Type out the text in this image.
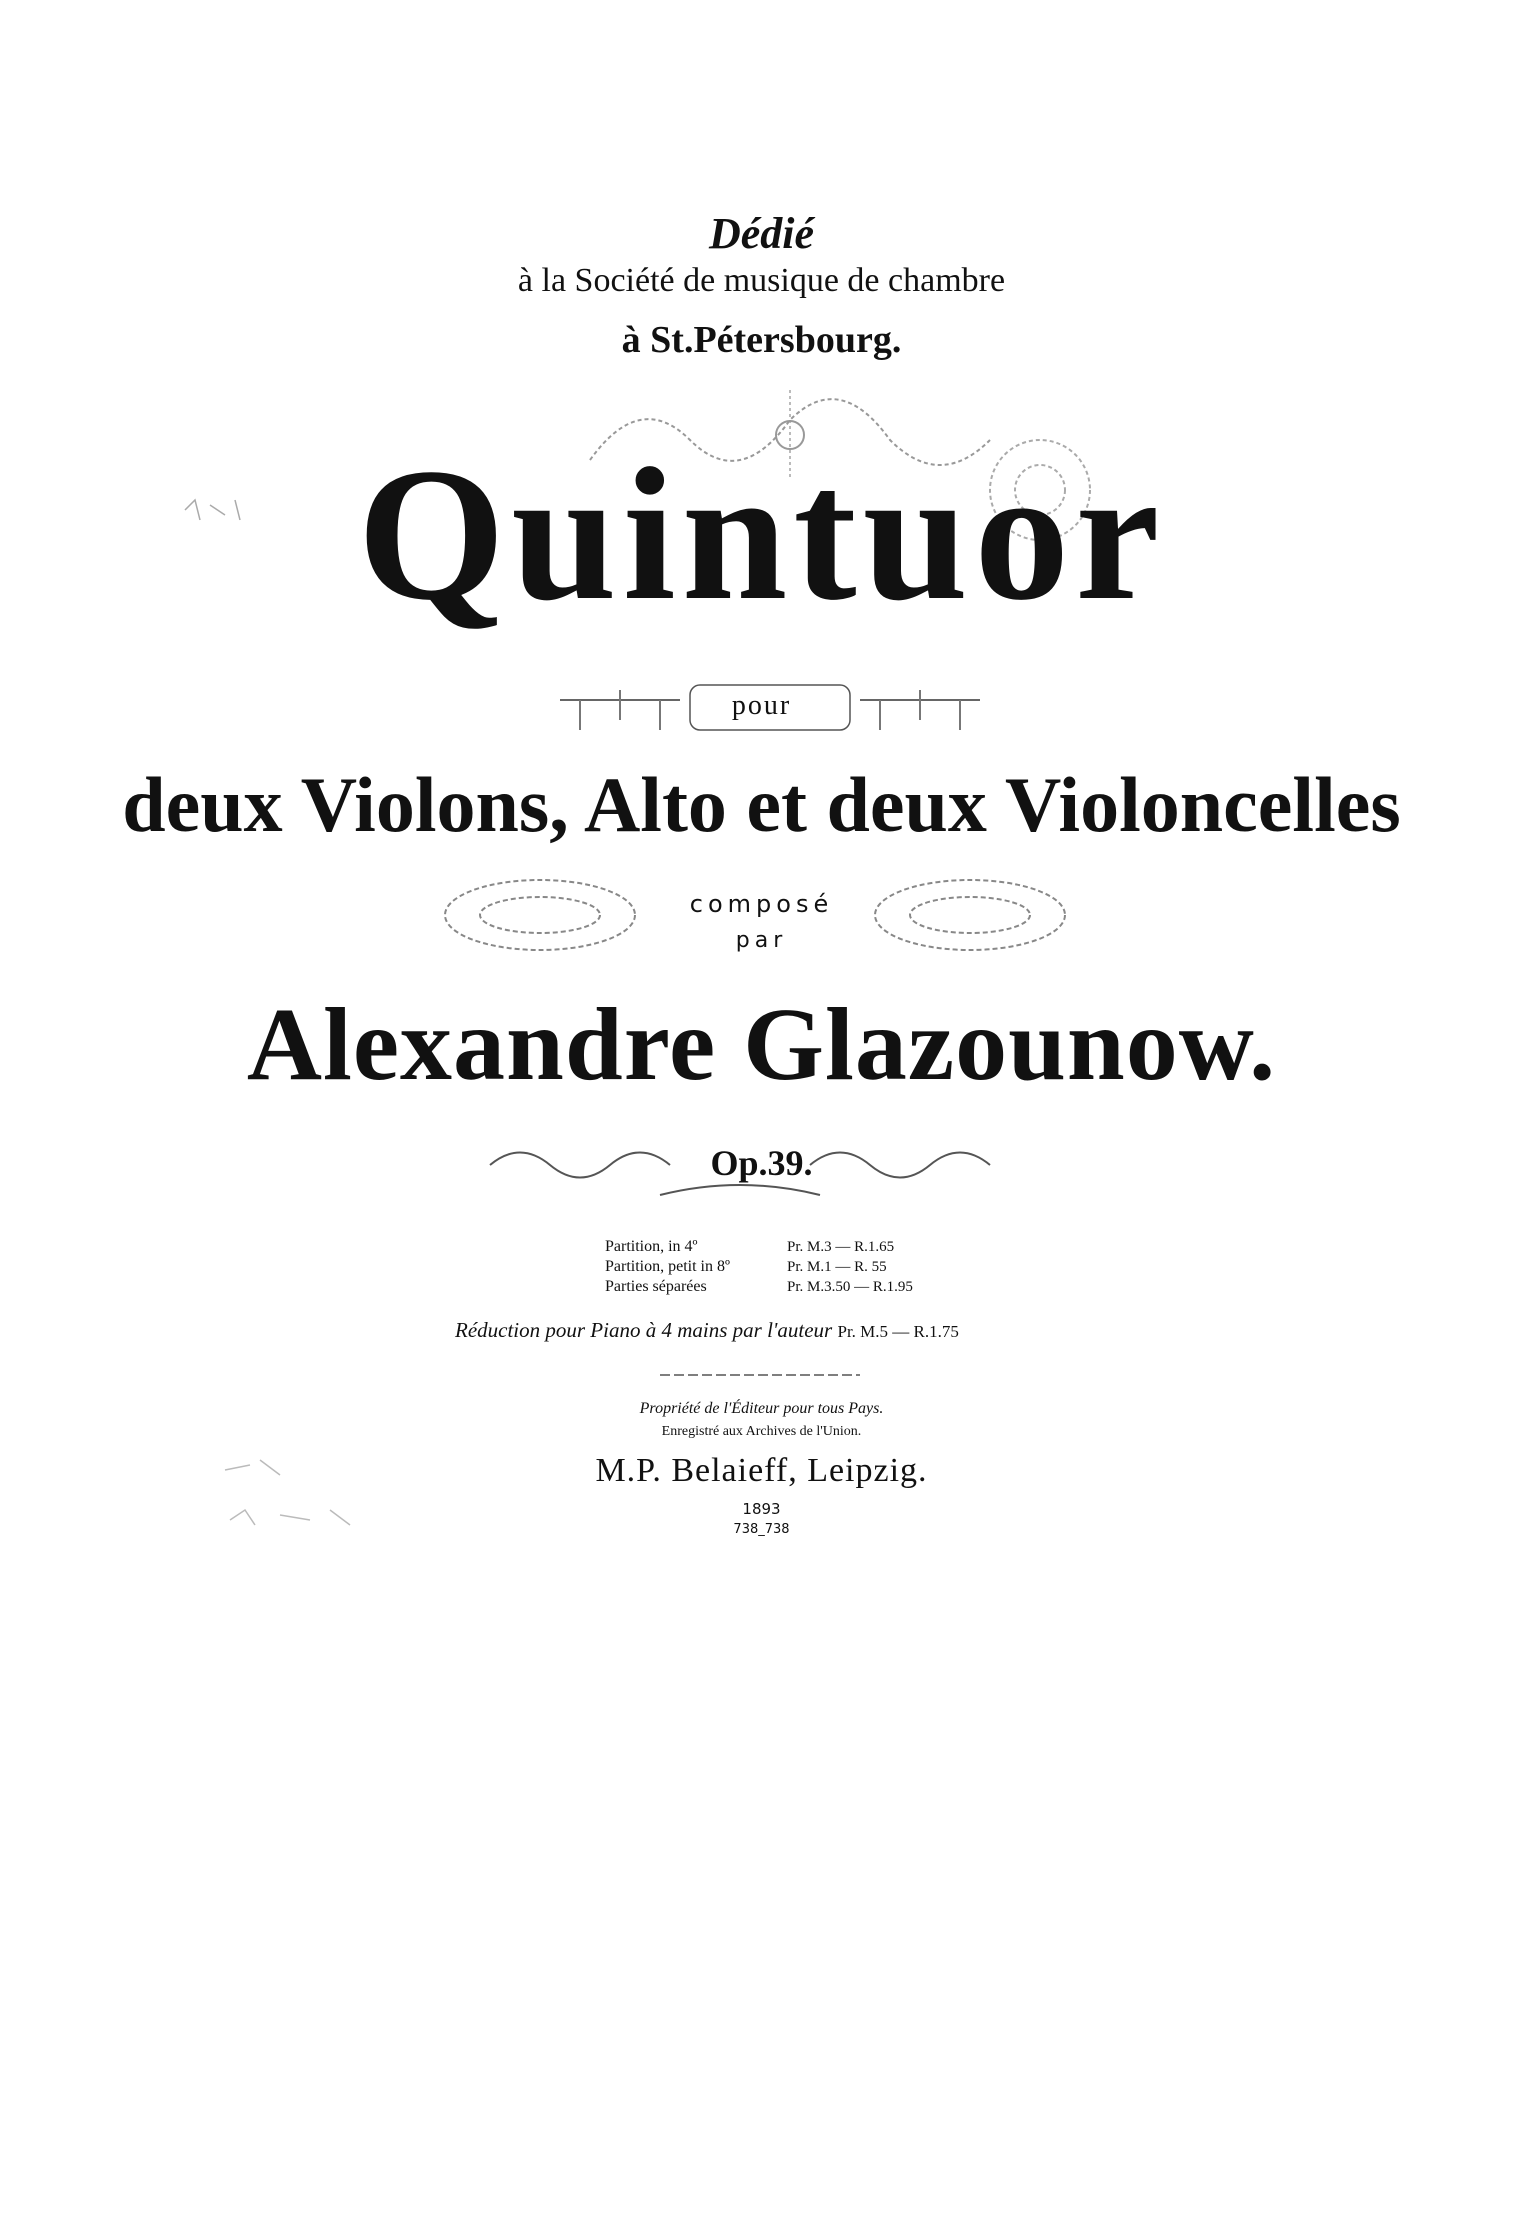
Dédié
à la Société de musique de chambre
à St.Pétersbourg.
Quintuor
pour
deux Violons, Alto et deux Violoncelles
composé
par
Alexandre Glazounow.
Op.39.
Partition, in 4º	Pr. M.3 — R.1.65
Partition, petit in 8º	Pr. M.1 — R. 55
Parties séparées	Pr. M.3.50 — R.1.95
Réduction pour Piano à 4 mains par l'auteur Pr. M.5 — R.1.75
Propriété de l'Éditeur pour tous Pays.
Enregistré aux Archives de l'Union.
M.P. Belaieff, Leipzig.
1893
738_738
